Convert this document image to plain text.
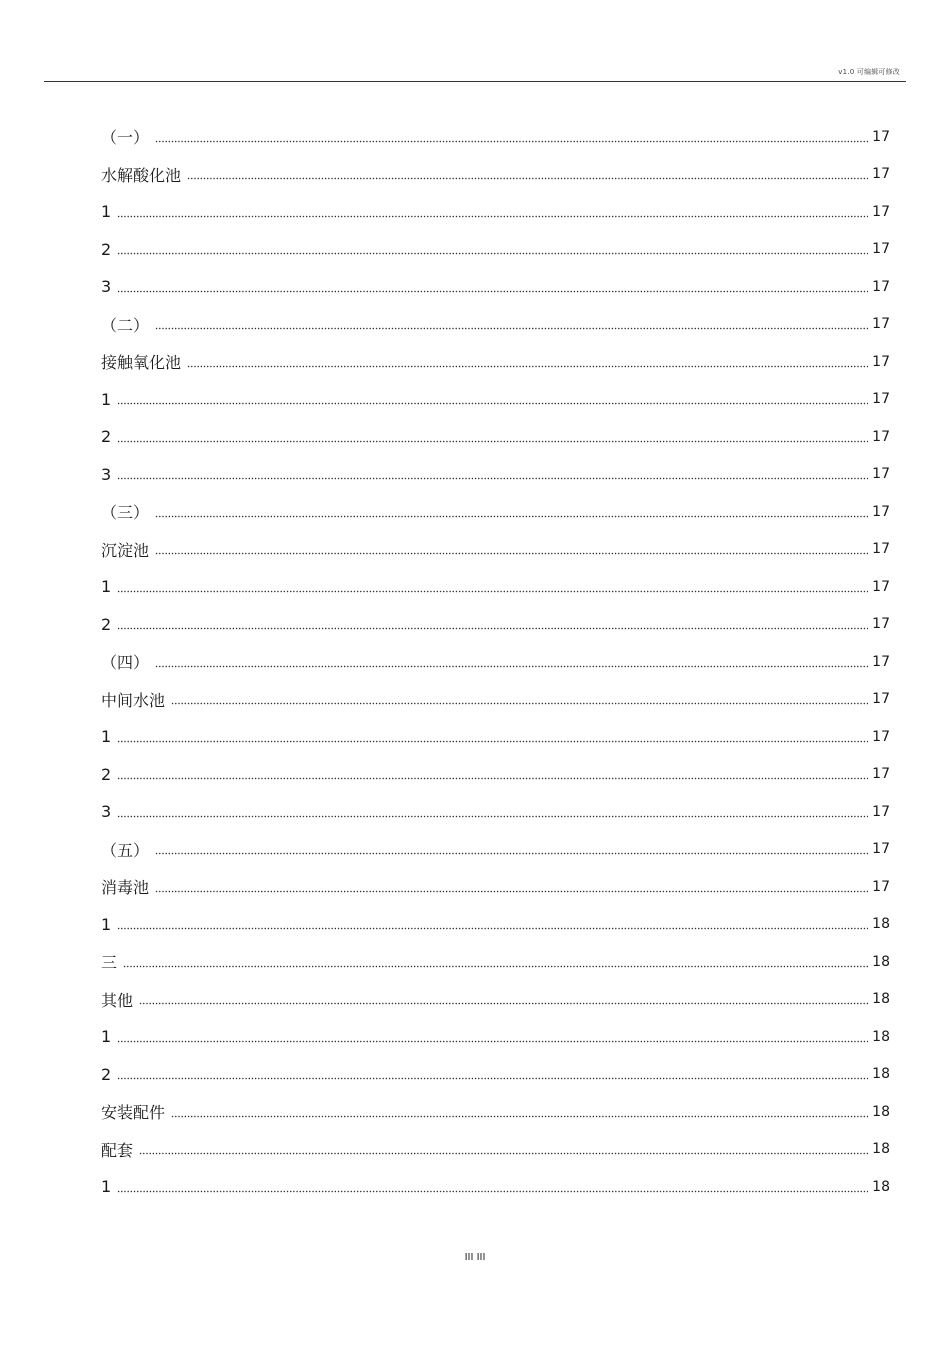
v1.0 可编辑可修改
（一）	17
水解酸化池	17
1	17
2	17
3	17
（二）	17
接触氧化池	17
1	17
2	17
3	17
（三）	17
沉淀池	17
1	17
2	17
（四）	17
中间水池	17
1	17
2	17
3	17
（五）	17
消毒池	17
1	18
三	18
其他	18
1	18
2	18
安装配件	18
配套	18
1	18
III III
